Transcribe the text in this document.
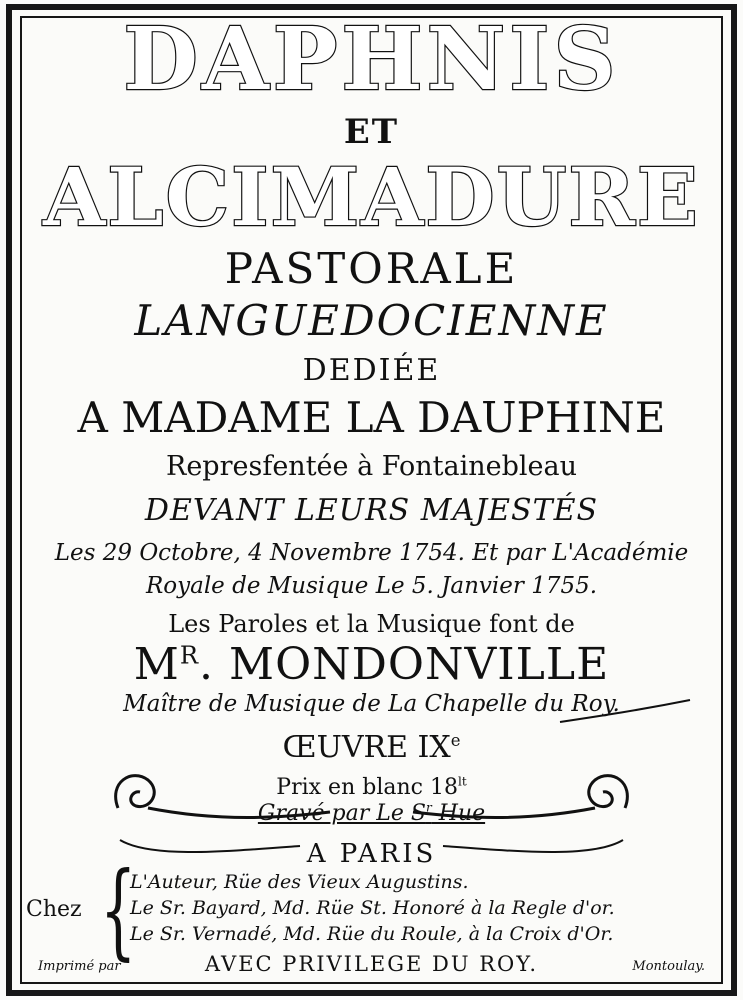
DAPHNIS
ET
ALCIMADURE
PASTORALE
LANGUEDOCIENNE
DEDIÉE
A MADAME LA DAUPHINE
Represfentée à Fontainebleau
DEVANT LEURS MAJESTÉS
Les 29 Octobre, 4 Novembre 1754. Et par L'Académie
Royale de Musique Le 5. Janvier 1755.
Les Paroles et la Musique font de
$M^R$. MONDONVILLE
Maître de Musique de La Chapelle du Roy.
ŒUVRE IXe
Prix en blanc $18^{lt}$
Gravé par Le $S^r$ Hue
A PARIS
Chez {
L'Auteur, Rüe des Vieux Augustins.
Le Sr. Bayard, Md. Rüe St. Honoré à la Regle d'or.
Le Sr. Vernadé, Md. Rüe du Roule, à la Croix d'Or.
Imprimé par	AVEC PRIVILEGE DU ROY.	Montoulay.
